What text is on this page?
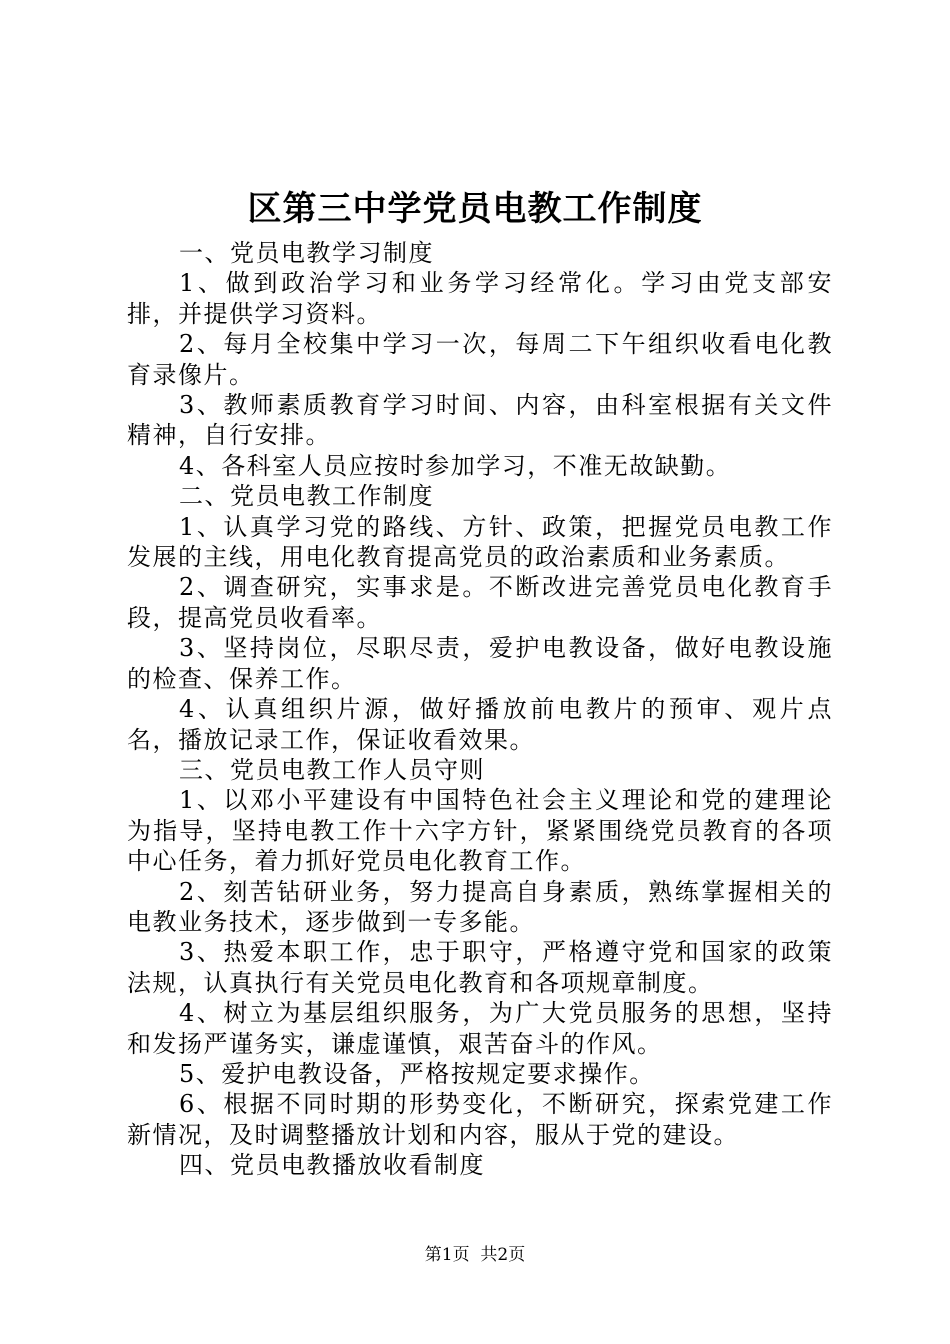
区第三中学党员电教工作制度

一、党员电教学习制度

1、做到政治学习和业务学习经常化。学习由党支部安排，并提供学习资料。

2、每月全校集中学习一次，每周二下午组织收看电化教育录像片。

3、教师素质教育学习时间、内容，由科室根据有关文件精神，自行安排。

4、各科室人员应按时参加学习，不准无故缺勤。

二、党员电教工作制度

1、认真学习党的路线、方针、政策，把握党员电教工作发展的主线，用电化教育提高党员的政治素质和业务素质。

2、调查研究，实事求是。不断改进完善党员电化教育手段，提高党员收看率。

3、坚持岗位，尽职尽责，爱护电教设备，做好电教设施的检查、保养工作。

4、认真组织片源，做好播放前电教片的预审、观片点名，播放记录工作，保证收看效果。

三、党员电教工作人员守则

1、以邓小平建设有中国特色社会主义理论和党的建理论为指导，坚持电教工作十六字方针，紧紧围绕党员教育的各项中心任务，着力抓好党员电化教育工作。

2、刻苦钻研业务，努力提高自身素质，熟练掌握相关的电教业务技术，逐步做到一专多能。

3、热爱本职工作，忠于职守，严格遵守党和国家的政策法规，认真执行有关党员电化教育和各项规章制度。

4、树立为基层组织服务，为广大党员服务的思想，坚持和发扬严谨务实，谦虚谨慎，艰苦奋斗的作风。

5、爱护电教设备，严格按规定要求操作。

6、根据不同时期的形势变化，不断研究，探索党建工作新情况，及时调整播放计划和内容，服从于党的建设。

四、党员电教播放收看制度

第1页  共2页
